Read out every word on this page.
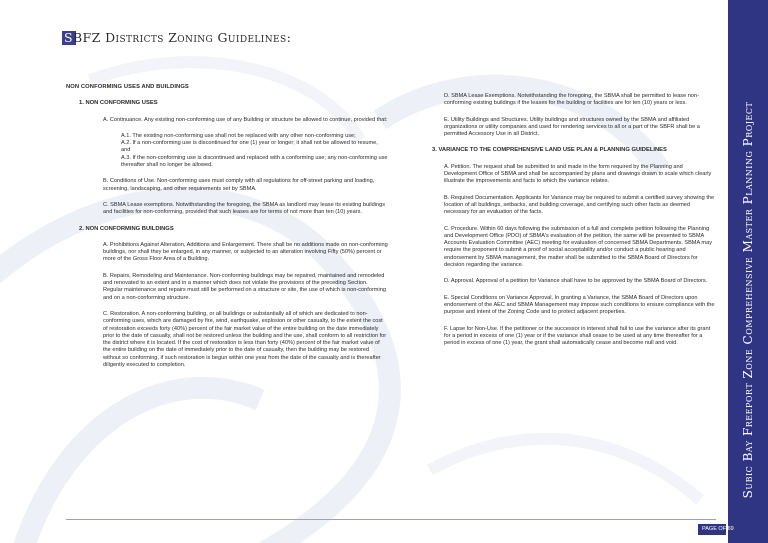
SBFZ Districts Zoning Guidelines:
NON CONFORMING USES AND BUILDINGS
1. NON CONFORMING USES
A. Continuance. Any existing non-conforming use of any Building or structure be allowed to continue, provided that:

A.1. The existing non-conforming use shall not be replaced with any other non-conforming use;

A.2. If a non-conforming use is discontinued for one (1) year or longer; it shall not be allowed to resume, and

A.3. If the non-conforming use is discontinued and replaced with a conforming use; any non-conforming use thereafter shall no longer be allowed.

B. Conditions of Use. Non-conforming uses must comply with all regulations for off-street parking and loading, screening, landscaping, and other requirements set by SBMA.
C. SBMA Lease exemptions. Notwithstanding the foregoing, the SBMA as landlord may lease its existing buildings and facilities for non-conforming, provided that such leases are for terms of not more than ten (10) years.
2. NON CONFORMING BUILDINGS
A. Prohibitions Against Alteration, Additions and Enlargement. There shall be no additions made on non-conforming buildings, nor shall they be enlarged, in any manner, or subjected to an alteration involving Fifty (50%) percent or more of the Gross Floor Area of a Building.
B. Repairs, Remodeling and Maintenance. Non-conforming buildings may be repaired, maintained and remodeled and renovated to an extent and in a manner which does not violate the provisions of the preceding Section. Regular maintenance and repairs must still be performed on a structure or site, the use of which is non-conforming and on a non-conforming structure.
C. Restoration. A non-conforming building, or all buildings or substantially all of which are dedicated to non-conforming uses, which are damaged by fire, wind, earthquake, explosion or other casualty, to the extent the cost of restoration exceeds forty (40%) percent of the fair market value of the entire building on the date immediately prior to the date of casualty, shall not be restored unless the building and the use, shall conform to all restriction for the district where it is located. If the cost of restoration is less than forty (40%) percent of the fair market value of the entire building on the date of immediately prior to the date of casualty, then the building may be restored without so conforming, if such restoration is begun within one year from the date of the casualty and is thereafter diligently executed to completion.
D. SBMA Lease Exemptions. Notwithstanding the foregoing, the SBMA shall be permitted to lease non-conforming existing buildings if the leases for the building or facilities are for ten (10) years or less.
E. Utility Buildings and Structures. Utility buildings and structures owned by the SBMA and affiliated organizations or utility companies and used for rendering services to all or a part of the SBFR shall be a permitted Accessory Use in all District.
3. VARIANCE TO THE COMPREHENSIVE LAND USE PLAN & PLANNING GUIDELINES
A. Petition. The request shall be submitted to and made in the form required by the Planning and Development Office of SBMA and shall be accompanied by plans and drawings drawn to scale which clearly illustrate the improvements and facts to which the variance relates.
B. Required Documentation. Applicants for Variance may be required to submit a certified survey showing the location of all buildings, setbacks, and building coverage, and certifying such other facts as deemed necessary for an evaluation of the facts.
C. Procedure. Within 60 days following the submission of a full and complete petition following the Planning and Development Office (PDO) of SBMA's evaluation of the petition, the same will be presented to SBMA Accounts Evaluation Committee (AEC) meeting for evaluation of concerned SBMA Departments. SBMA may require the proponent to submit a proof of social acceptability and/or conduct a public hearing and endorsement by SBMA management, the matter shall be submitted to the SBMA Board of Directors for decision regarding the variance.
D. Approval. Approval of a petition for Variance shall have to be approved by the SBMA Board of Directors.
E. Special Conditions on Variance Approval. In granting a Variance, the SBMA Board of Directors upon endorsement of the AEC and SBMA Management may impose such conditions to ensure compliance with the purpose and intent of the Zoning Code and to protect adjacent properties.
F. Lapse for Non-Use. If the petitioner or the successor in interest shall fail to use the variance after its grant for a period in excess of one (1) year or if the variance shall cease to be used at any time thereafter for a period in excess of one (1) year, the grant shall automatically cease and become null and void.	Subic Bay Freeport Zone Comprehensive Master Planning Project
PAGE OF 69
